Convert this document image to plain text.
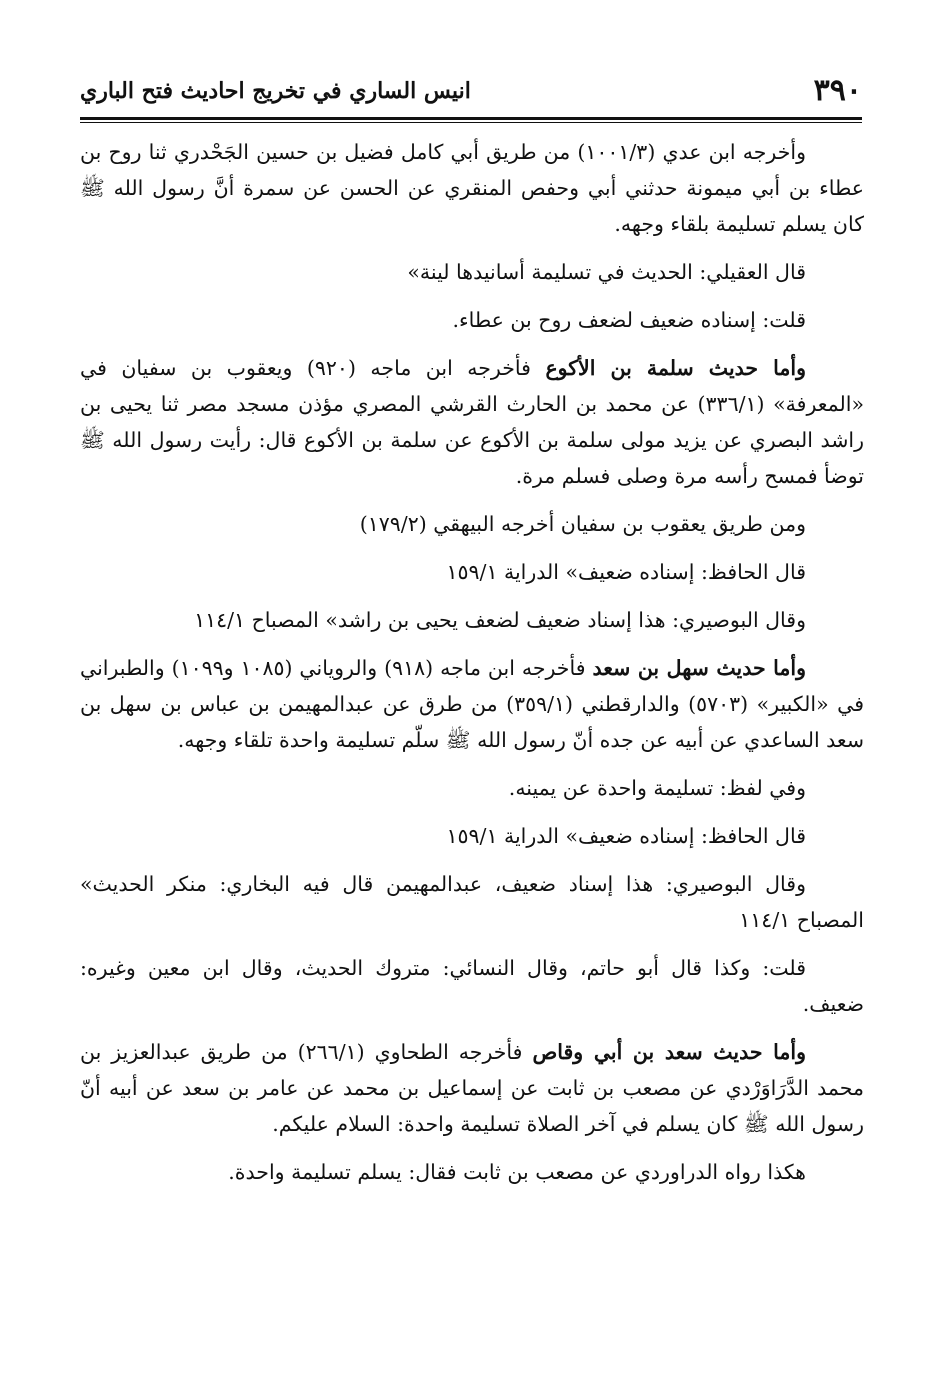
٣٩٠
انيس الساري في تخريج احاديث فتح الباري

وأخرجه ابن عدي (١٠٠١/٣) من طريق أبي كامل فضيل بن حسين الجَحْدري ثنا روح بن عطاء بن أبي ميمونة حدثني أبي وحفص المنقري عن الحسن عن سمرة أنَّ رسول الله ﷺ كان يسلم تسليمة بلقاء وجهه.

قال العقيلي: الحديث في تسليمة أسانيدها لينة»

قلت: إسناده ضعيف لضعف روح بن عطاء.

وأما حديث سلمة بن الأكوع فأخرجه ابن ماجه (٩٢٠) ويعقوب بن سفيان في «المعرفة» (٣٣٦/١) عن محمد بن الحارث القرشي المصري مؤذن مسجد مصر ثنا يحيى بن راشد البصري عن يزيد مولى سلمة بن الأكوع عن سلمة بن الأكوع قال: رأيت رسول الله ﷺ توضأ فمسح رأسه مرة وصلى فسلم مرة.

ومن طريق يعقوب بن سفيان أخرجه البيهقي (١٧٩/٢)

قال الحافظ: إسناده ضعيف» الدراية ١٥٩/١

وقال البوصيري: هذا إسناد ضعيف لضعف يحيى بن راشد» المصباح ١١٤/١

وأما حديث سهل بن سعد فأخرجه ابن ماجه (٩١٨) والروياني (١٠٨٥ و١٠٩٩) والطبراني في «الكبير» (٥٧٠٣) والدارقطني (٣٥٩/١) من طرق عن عبدالمهيمن بن عباس بن سهل بن سعد الساعدي عن أبيه عن جده أنّ رسول الله ﷺ سلّم تسليمة واحدة تلقاء وجهه.

وفي لفظ: تسليمة واحدة عن يمينه.

قال الحافظ: إسناده ضعيف» الدراية ١٥٩/١

وقال البوصيري: هذا إسناد ضعيف، عبدالمهيمن قال فيه البخاري: منكر الحديث» المصباح ١١٤/١

قلت: وكذا قال أبو حاتم، وقال النسائي: متروك الحديث، وقال ابن معين وغيره: ضعيف.

وأما حديث سعد بن أبي وقاص فأخرجه الطحاوي (٢٦٦/١) من طريق عبدالعزيز بن محمد الدَّرَاوَرْدي عن مصعب بن ثابت عن إسماعيل بن محمد عن عامر بن سعد عن أبيه أنّ رسول الله ﷺ كان يسلم في آخر الصلاة تسليمة واحدة: السلام عليكم.

هكذا رواه الدراوردي عن مصعب بن ثابت فقال: يسلم تسليمة واحدة.
